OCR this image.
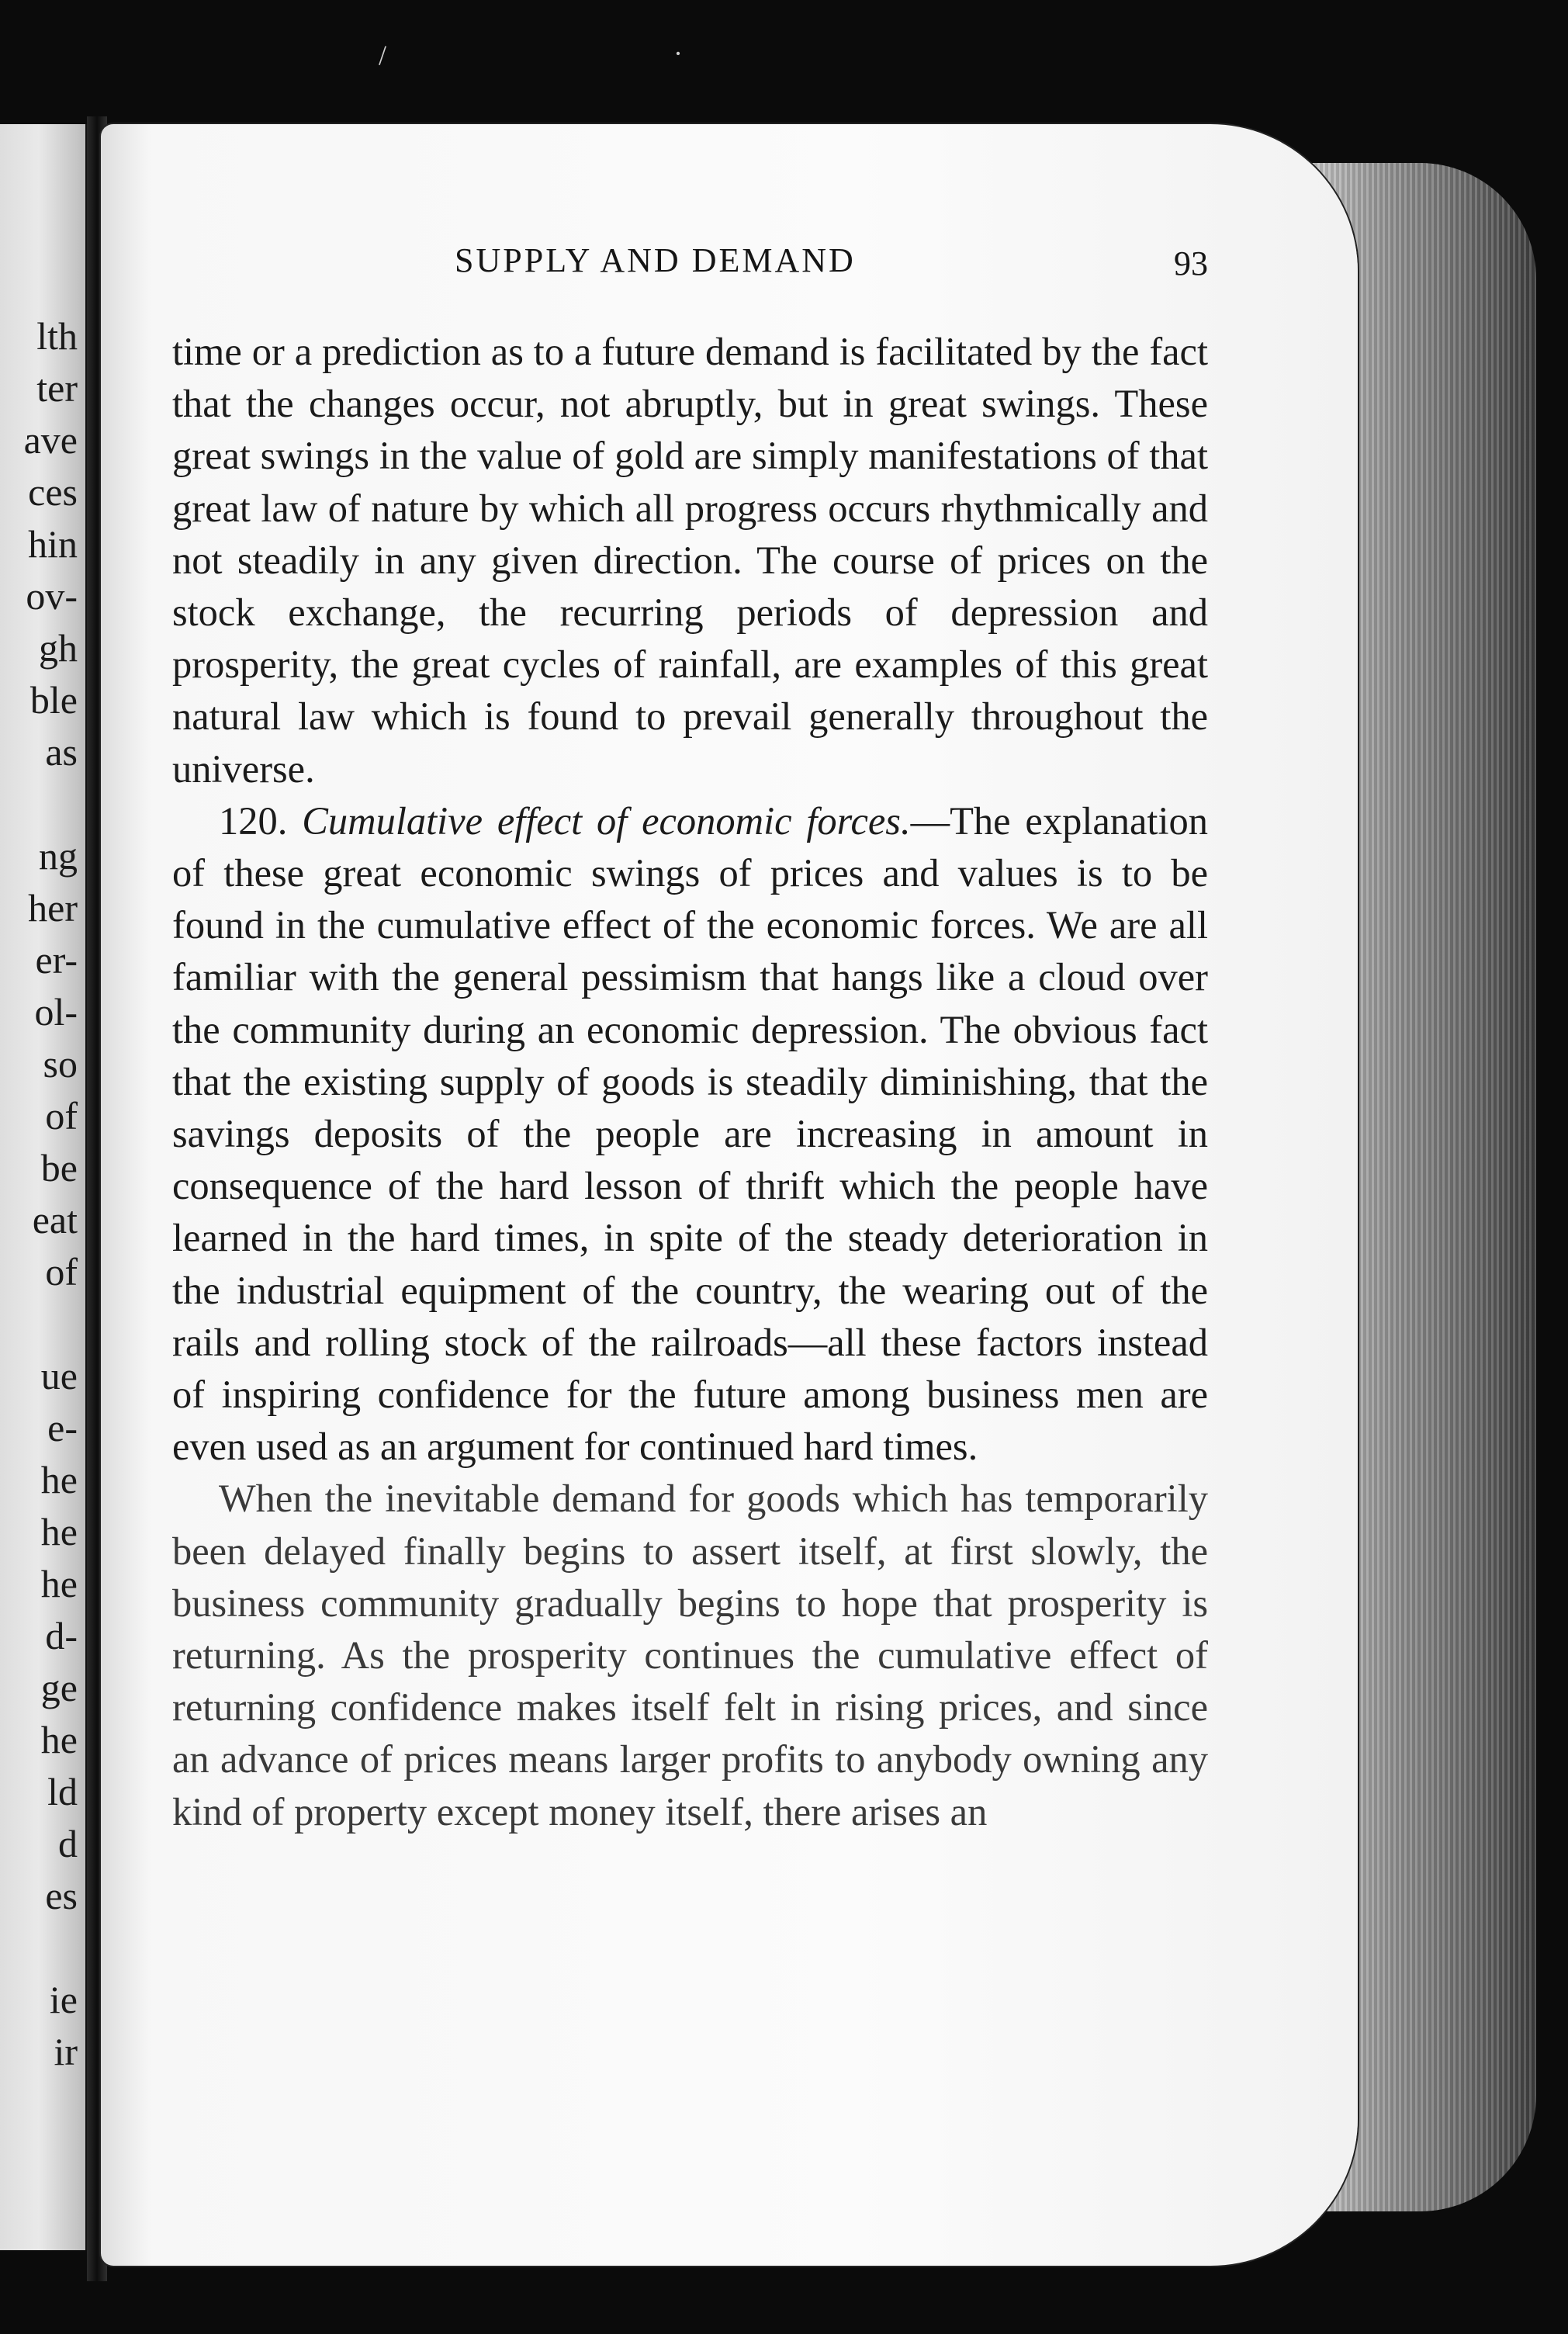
lth
ter
ave
ces
hin
ov-
gh
ble
as
ng
her
er-
ol-
so
of
be
eat
of
ue
e-
he
he
he
d-
ge
he
ld
d
es
ie
ir
SUPPLY AND DEMAND	93

time or a prediction as to a future demand is facilitated by the fact that the changes occur, not abruptly, but in great swings. These great swings in the value of gold are simply manifestations of that great law of nature by which all progress occurs rhythmically and not steadily in any given direction. The course of prices on the stock exchange, the recurring periods of depression and prosperity, the great cycles of rainfall, are examples of this great natural law which is found to prevail generally throughout the universe.

120. Cumulative effect of economic forces.—The explanation of these great economic swings of prices and values is to be found in the cumulative effect of the economic forces. We are all familiar with the general pessimism that hangs like a cloud over the community during an economic depression. The obvious fact that the existing supply of goods is steadily diminishing, that the savings deposits of the people are increasing in amount in consequence of the hard lesson of thrift which the people have learned in the hard times, in spite of the steady deterioration in the industrial equipment of the country, the wearing out of the rails and rolling stock of the railroads—all these factors instead of inspiring confidence for the future among business men are even used as an argument for continued hard times.

When the inevitable demand for goods which has temporarily been delayed finally begins to assert itself, at first slowly, the business community gradually begins to hope that prosperity is returning. As the prosperity continues the cumulative effect of returning confidence makes itself felt in rising prices, and since an advance of prices means larger profits to anybody owning any kind of property except money itself, there arises an

/	·
